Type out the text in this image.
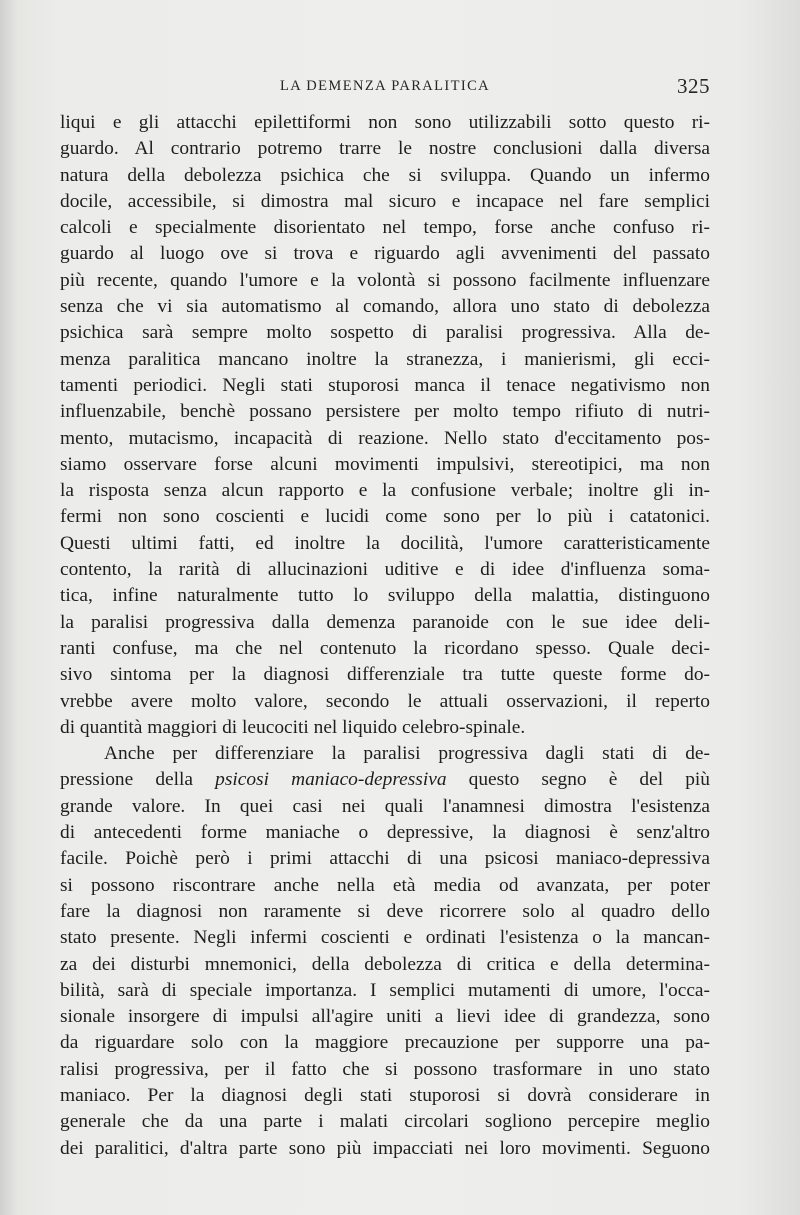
LA DEMENZA PARALITICA	325
liqui e gli attacchi epilettiformi non sono utilizzabili sotto questo ri-
guardo. Al contrario potremo trarre le nostre conclusioni dalla diversa
natura della debolezza psichica che si sviluppa. Quando un infermo
docile, accessibile, si dimostra mal sicuro e incapace nel fare semplici
calcoli e specialmente disorientato nel tempo, forse anche confuso ri-
guardo al luogo ove si trova e riguardo agli avvenimenti del passato
più recente, quando l'umore e la volontà si possono facilmente influenzare
senza che vi sia automatismo al comando, allora uno stato di debolezza
psichica sarà sempre molto sospetto di paralisi progressiva. Alla de-
menza paralitica mancano inoltre la stranezza, i manierismi, gli ecci-
tamenti periodici. Negli stati stuporosi manca il tenace negativismo non
influenzabile, benchè possano persistere per molto tempo rifiuto di nutri-
mento, mutacismo, incapacità di reazione. Nello stato d'eccitamento pos-
siamo osservare forse alcuni movimenti impulsivi, stereotipici, ma non
la risposta senza alcun rapporto e la confusione verbale; inoltre gli in-
fermi non sono coscienti e lucidi come sono per lo più i catatonici.
Questi ultimi fatti, ed inoltre la docilità, l'umore caratteristicamente
contento, la rarità di allucinazioni uditive e di idee d'influenza soma-
tica, infine naturalmente tutto lo sviluppo della malattia, distinguono
la paralisi progressiva dalla demenza paranoide con le sue idee deli-
ranti confuse, ma che nel contenuto la ricordano spesso. Quale deci-
sivo sintoma per la diagnosi differenziale tra tutte queste forme do-
vrebbe avere molto valore, secondo le attuali osservazioni, il reperto
di quantità maggiori di leucociti nel liquido celebro-spinale.
Anche per differenziare la paralisi progressiva dagli stati di de-
pressione della psicosi maniaco-depressiva questo segno è del più
grande valore. In quei casi nei quali l'anamnesi dimostra l'esistenza
di antecedenti forme maniache o depressive, la diagnosi è senz'altro
facile. Poichè però i primi attacchi di una psicosi maniaco-depressiva
si possono riscontrare anche nella età media od avanzata, per poter
fare la diagnosi non raramente si deve ricorrere solo al quadro dello
stato presente. Negli infermi coscienti e ordinati l'esistenza o la mancan-
za dei disturbi mnemonici, della debolezza di critica e della determina-
bilità, sarà di speciale importanza. I semplici mutamenti di umore, l'occa-
sionale insorgere di impulsi all'agire uniti a lievi idee di grandezza, sono
da riguardare solo con la maggiore precauzione per supporre una pa-
ralisi progressiva, per il fatto che si possono trasformare in uno stato
maniaco. Per la diagnosi degli stati stuporosi si dovrà considerare in
generale che da una parte i malati circolari sogliono percepire meglio
dei paralitici, d'altra parte sono più impacciati nei loro movimenti. Seguono
